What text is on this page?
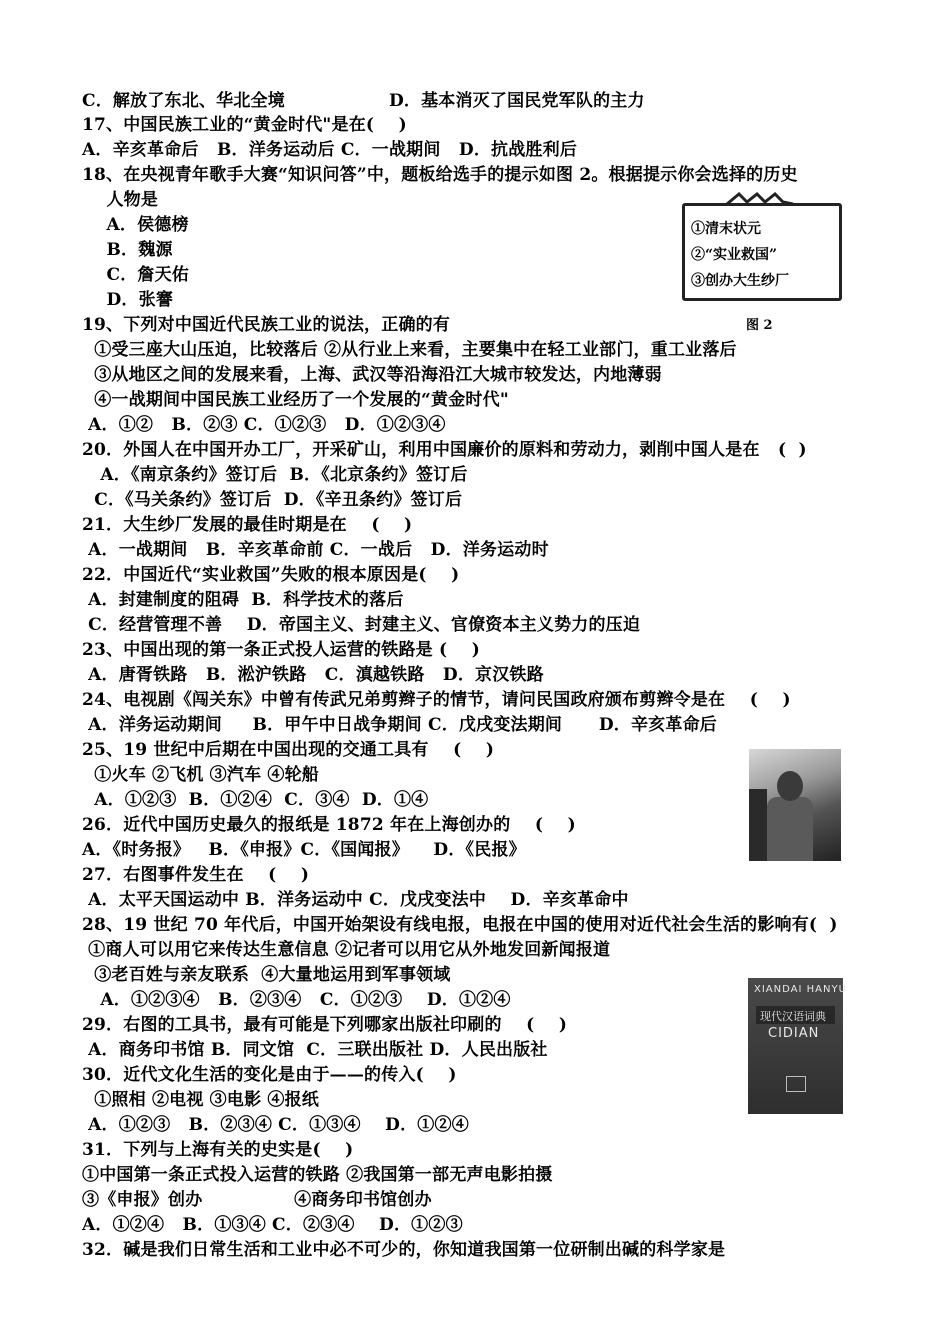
C．解放了东北、华北全境                 D．基本消灭了国民党军队的主力
17、中国民族工业的“黄金时代"是在(    )
A．辛亥革命后   B．洋务运动后 C．一战期间   D．抗战胜利后
18、在央视青年歌手大赛“知识问答”中，题板给选手的提示如图 2。根据提示你会选择的历史
人物是
A．侯德榜
B．魏源
C．詹天佑
D．张謇
19、下列对中国近代民族工业的说法，正确的有
①受三座大山压迫，比较落后 ②从行业上来看，主要集中在轻工业部门，重工业落后
③从地区之间的发展来看，上海、武汉等沿海沿江大城市较发达，内地薄弱
④一战期间中国民族工业经历了一个发展的“黄金时代"
A．①②   B．②③ C．①②③   D．①②③④
20．外国人在中国开办工厂，开采矿山，利用中国廉价的原料和劳动力，剥削中国人是在   (  )
A．《南京条约》签订后  B．《北京条约》签订后
C．《马关条约》签订后  D．《辛丑条约》签订后
21．大生纱厂发展的最佳时期是在    (    )
A．一战期间   B．辛亥革命前 C．一战后   D．洋务运动时
22．中国近代“实业救国”失败的根本原因是(    )
A．封建制度的阻碍  B．科学技术的落后
C．经营管理不善    D．帝国主义、封建主义、官僚资本主义势力的压迫
23、中国出现的第一条正式投人运营的铁路是 (    )
A．唐胥铁路   B．淞沪铁路   C．滇越铁路   D．京汉铁路
24、电视剧《闯关东》中曾有传武兄弟剪辫子的情节，请问民国政府颁布剪辫令是在    (    )
A．洋务运动期间     B．甲午中日战争期间 C．戊戌变法期间      D．辛亥革命后
25、19 世纪中后期在中国出现的交通工具有    (    )
①火车 ②飞机 ③汽车 ④轮船
A．①②③  B．①②④  C．③④  D．①④
26．近代中国历史最久的报纸是 1872 年在上海创办的    (    )
A．《时务报》   B．《申报》C．《国闻报》    D．《民报》
27．右图事件发生在    (    )
A．太平天国运动中 B．洋务运动中 C．戊戌变法中    D．辛亥革命中
28、19 世纪 70 年代后，中国开始架设有线电报，电报在中国的使用对近代社会生活的影响有(  )
①商人可以用它来传达生意信息 ②记者可以用它从外地发回新闻报道
③老百姓与亲友联系  ④大量地运用到军事领域
A．①②③④   B．②③④   C．①②③    D．①②④
29．右图的工具书，最有可能是下列哪家出版社印刷的    (    )
A．商务印书馆 B．同文馆  C．三联出版社 D．人民出版社
30．近代文化生活的变化是由于——的传入(    )
①照相 ②电视 ③电影 ④报纸
A．①②③   B．②③④ C．①③④    D．①②④
31．下列与上海有关的史实是(    )
①中国第一条正式投入运营的铁路 ②我国第一部无声电影拍摄
③《申报》创办               ④商务印书馆创办
A．①②④   B．①③④ C．②③④    D．①②③
32．碱是我们日常生活和工业中必不可少的，你知道我国第一位研制出碱的科学家是
①清末状元
②“实业救国”
③创办大生纱厂
图 2
XIANDAI HANYU
现代汉语词典
CIDIAN
